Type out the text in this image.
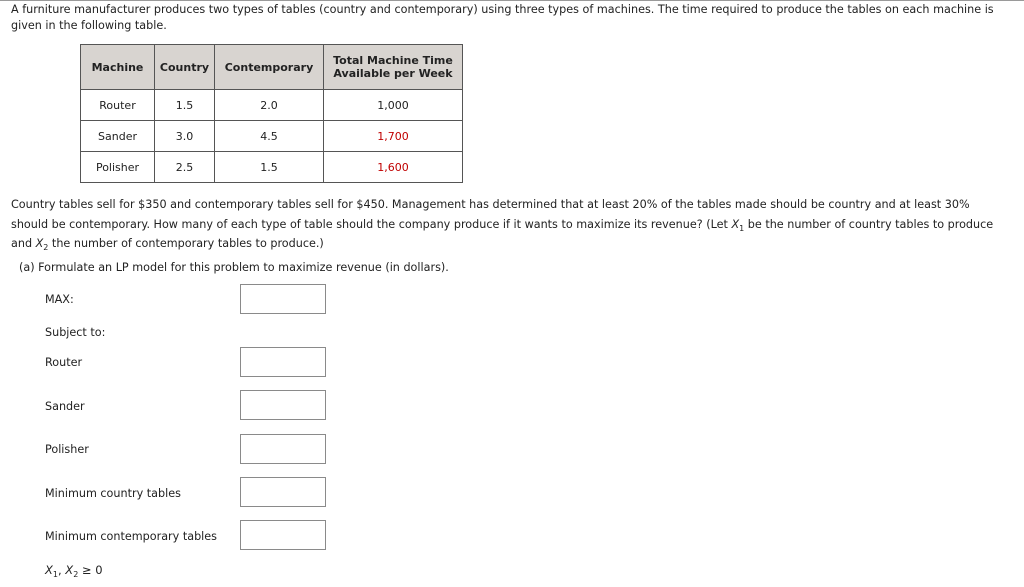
A furniture manufacturer produces two types of tables (country and contemporary) using three types of machines. The time required to produce the tables on each machine is
given in the following table.
Machine	Country	Contemporary	Total Machine Time
Available per Week
Router	1.5	2.0	1,000
Sander	3.0	4.5	1,700
Polisher	2.5	1.5	1,600
Country tables sell for $350 and contemporary tables sell for $450. Management has determined that at least 20% of the tables made should be country and at least 30%
should be contemporary. How many of each type of table should the company produce if it wants to maximize its revenue? (Let $X_1$ be the number of country tables to produce
and $X_2$ the number of contemporary tables to produce.)
(a) Formulate an LP model for this problem to maximize revenue (in dollars).
MAX:
Subject to:
Router
Sander
Polisher
Minimum country tables
Minimum contemporary tables
$X_1$, $X_2 \ge 0$
